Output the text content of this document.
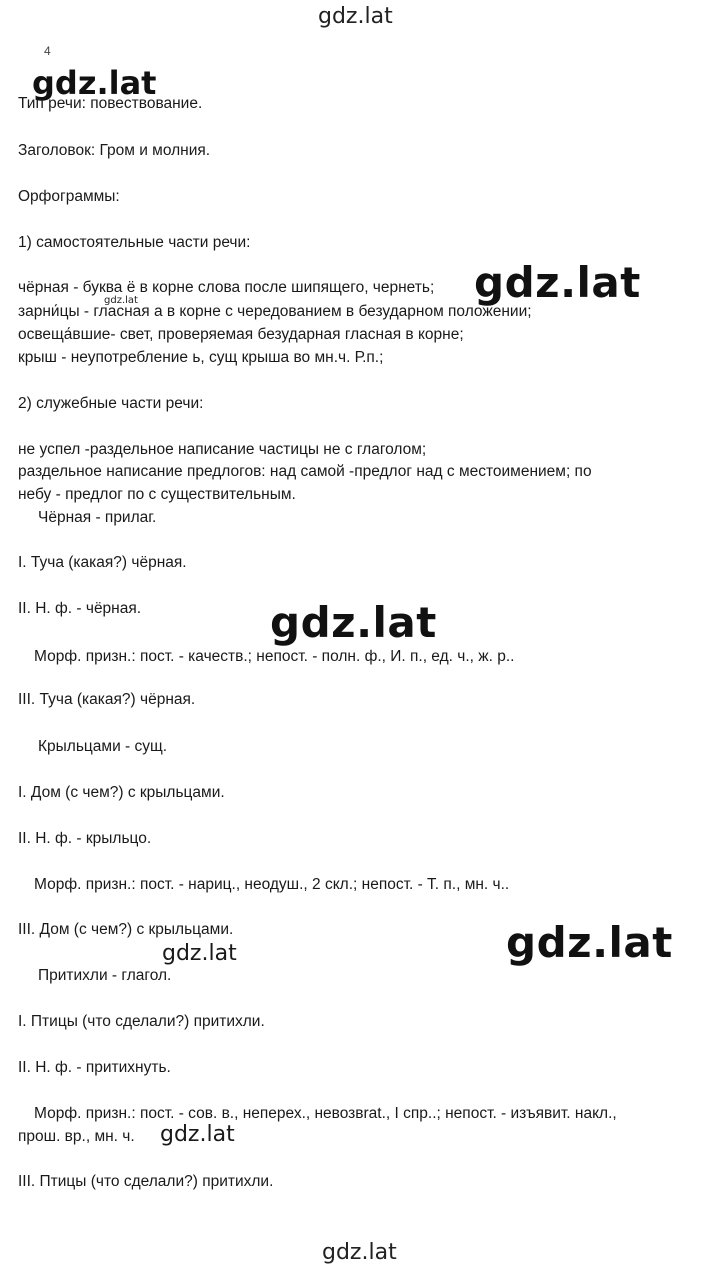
gdz.lat
4
gdz.lat
Тип речи: повествование.
Заголовок: Гром и молния.
Орфограммы:
1) самостоятельные части речи:
чёрная - буква ё в корне слова после шипящего, чернеть;
зарни́цы - гласная а в корне с чередованием в безударном положении;
освеща́вшие- свет, проверяемая безударная гласная в корне;
крыш - неупотребление ь, сущ крыша во мн.ч. Р.п.;
gdz.lat	gdz.lat
2) служебные части речи:
не успел -раздельное написание частицы не с глаголом;
раздельное написание предлогов: над самой -предлог над с местоимением; по
небу - предлог по с существительным.
Чёрная - прилаг.
I. Туча (какая?) чёрная.
II. Н. ф. - чёрная.	gdz.lat
Морф. призн.: пост. - качеств.; непост. - полн. ф., И. п., ед. ч., ж. р..
III. Туча (какая?) чёрная.
Крыльцами - сущ.
I. Дом (с чем?) с крыльцами.
II. Н. ф. - крыльцо.
Морф. призн.: пост. - нариц., неодуш., 2 скл.; непост. - Т. п., мн. ч..
III. Дом (с чем?) с крыльцами.
gdz.lat	gdz.lat
Притихли - глагол.
I. Птицы (что сделали?) притихли.
II. Н. ф. - притихнуть.
Морф. призн.: пост. - сов. в., неперех., невозвrat., I спр..; непост. - изъявит. накл.,
прош. вр., мн. ч. gdz.lat
III. Птицы (что сделали?) притихли.
gdz.lat
